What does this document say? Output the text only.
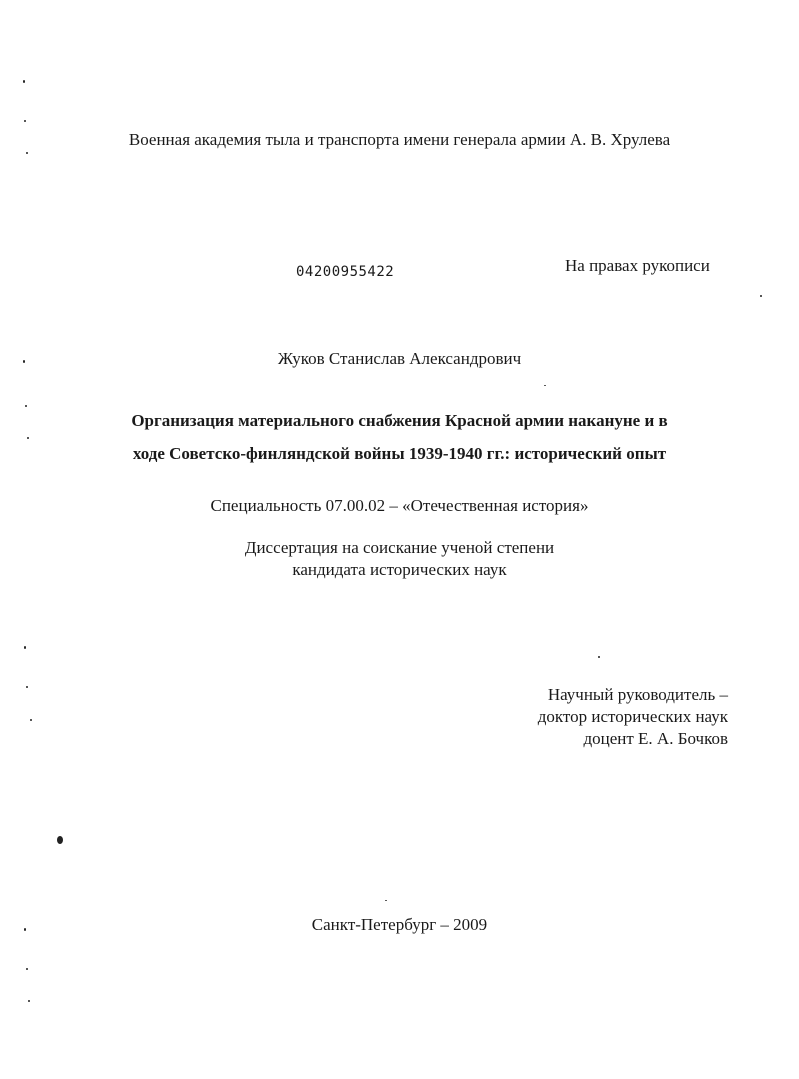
Военная академия тыла и транспорта имени генерала армии А. В. Хрулева
04200955422	На правах рукописи
Жуков Станислав Александрович
Организация материального снабжения Красной армии накануне и в
ходе Советско-финляндской войны 1939-1940 гг.: исторический опыт
Специальность 07.00.02 – «Отечественная история»
Диссертация на соискание ученой степени
кандидата исторических наук
Научный руководитель –
доктор исторических наук
доцент Е. А. Бочков
Санкт-Петербург – 2009
